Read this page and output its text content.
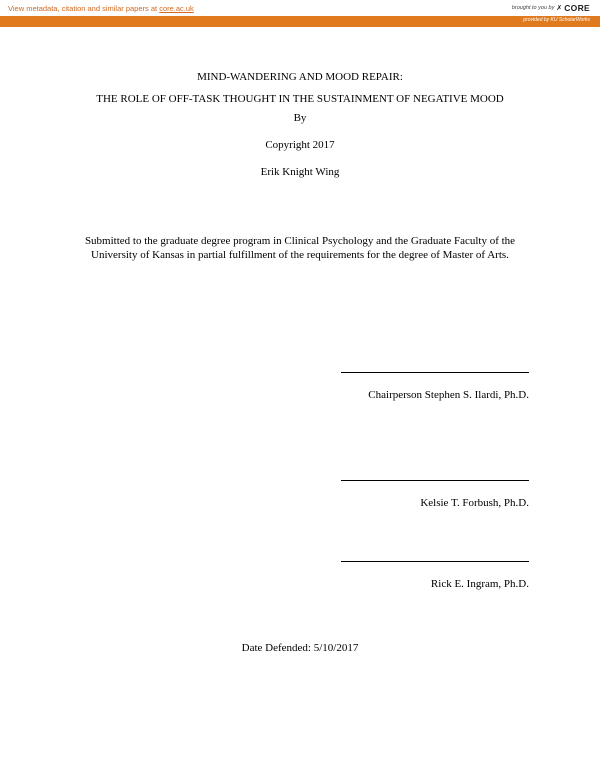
View metadata, citation and similar papers at core.ac.uk	brought to you by ✗ CORE
provided by KU ScholarWorks
MIND-WANDERING AND MOOD REPAIR:
THE ROLE OF OFF-TASK THOUGHT IN THE SUSTAINMENT OF NEGATIVE MOOD
By
Copyright 2017
Erik Knight Wing
Submitted to the graduate degree program in Clinical Psychology and the Graduate Faculty of the University of Kansas in partial fulfillment of the requirements for the degree of Master of Arts.
Chairperson Stephen S. Ilardi, Ph.D.
Kelsie T. Forbush, Ph.D.
Rick E. Ingram, Ph.D.
Date Defended: 5/10/2017
